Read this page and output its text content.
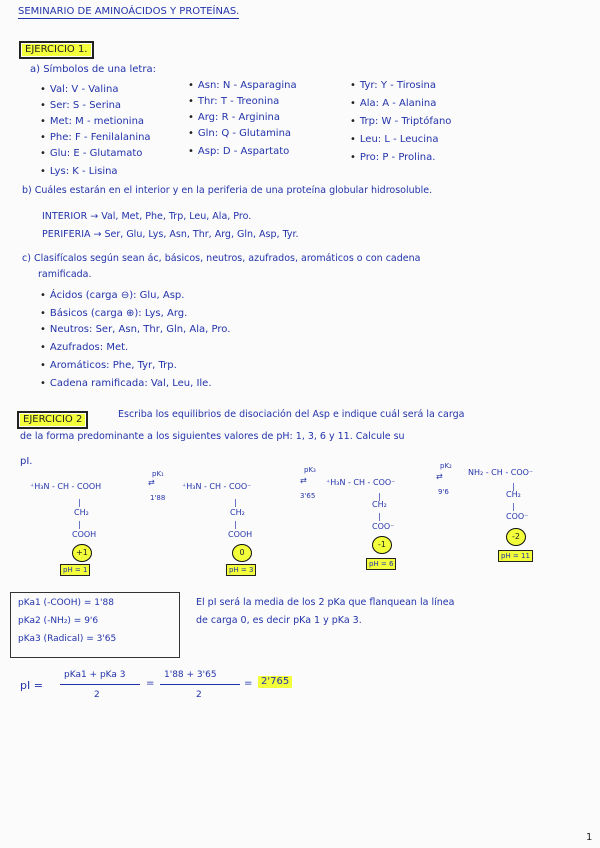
SEMINARIO DE AMINOÁCIDOS Y PROTEÍNAS.
EJERCICIO 1.
a) Símbolos de una letra:
• Val: V - Valina
• Ser: S - Serina
• Met: M - metionina
• Phe: F - Fenilalanina
• Glu: E - Glutamato
• Lys: K - Lisina
• Asn: N - Asparagina
• Thr: T - Treonina
• Arg: R - Arginina
• Gln: Q - Glutamina
• Asp: D - Aspartato
• Tyr: Y - Tirosina
• Ala: A - Alanina
• Trp: W - Triptófano
• Leu: L - Leucina
• Pro: P - Prolina.
b) Cuáles estarán en el interior y en la periferia de una proteína globular hidrosoluble.
INTERIOR → Val, Met, Phe, Trp, Leu, Ala, Pro.
PERIFERIA → Ser, Glu, Lys, Asn, Thr, Arg, Gln, Asp, Tyr.
c) Clasifícalos según sean ác, básicos, neutros, azufrados, aromáticos o con cadena
ramificada.
• Ácidos (carga ⊖): Glu, Asp.
• Básicos (carga ⊕): Lys, Arg.
• Neutros: Ser, Asn, Thr, Gln, Ala, Pro.
• Azufrados: Met.
• Aromáticos: Phe, Tyr, Trp.
• Cadena ramificada: Val, Leu, Ile.
EJERCICIO 2	Escriba los equilibrios de disociación del Asp e indique cuál será la carga
de la forma predominante a los siguientes valores de pH: 1, 3, 6 y 11. Calcule su
pI.
⁺H₃N - CH - COOH
|
CH₂
|
COOH
+1
pH = 1
pK₁
⇄
1'88
⁺H₃N - CH - COO⁻
|
CH₂
|
COOH
0
pH = 3
pK₃
⇄
3'65
⁺H₃N - CH - COO⁻
|
CH₂
|
COO⁻
-1
pH = 6
pK₂
⇄
9'6
NH₂ - CH - COO⁻
|
CH₂
|
COO⁻
-2
pH = 11
pKa1 (-COOH) = 1'88
pKa2 (-NH₂) = 9'6
pKa3 (Radical) = 3'65
El pI será la media de los 2 pKa que flanquean la línea
de carga 0, es decir pKa 1 y pKa 3.
pI =
pKa1 + pKa 3
2
=
1'88 + 3'65
2
= 2'765
1
